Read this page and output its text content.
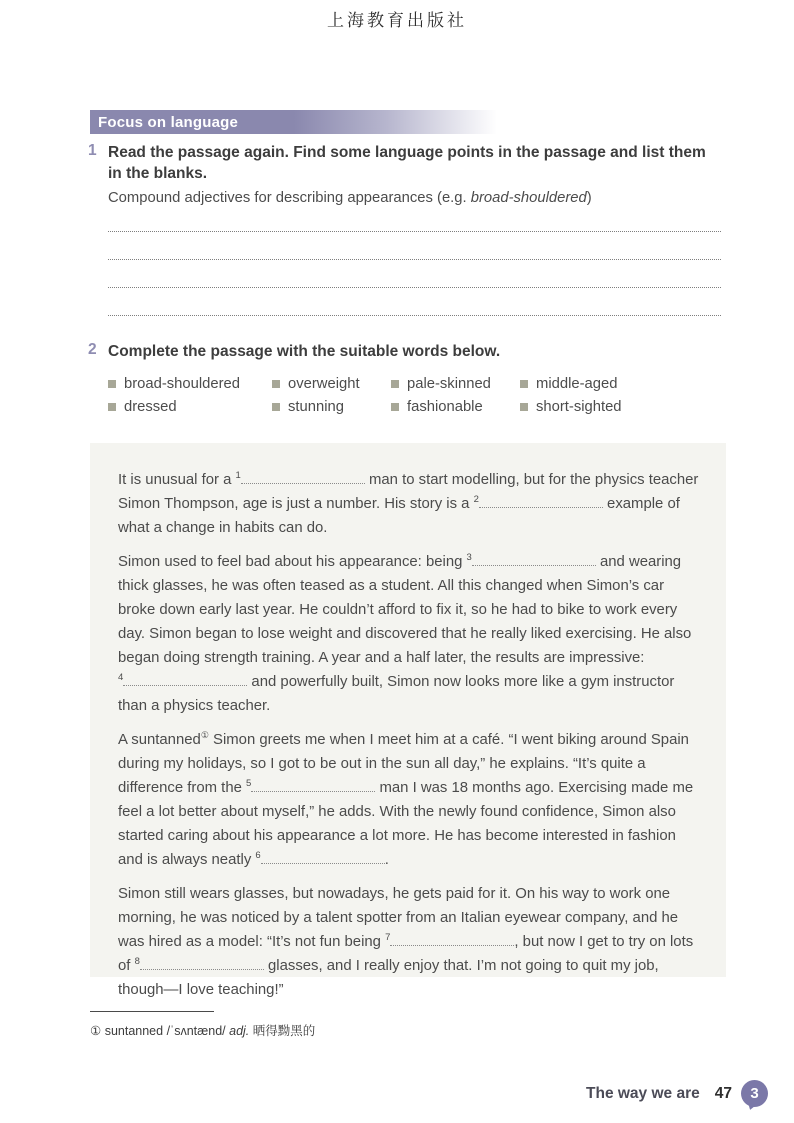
上海教育出版社
Focus on language
1 Read the passage again. Find some language points in the passage and list them in the blanks.
Compound adjectives for describing appearances (e.g. broad-shouldered)
2 Complete the passage with the suitable words below.
broad-shouldered	overweight	pale-skinned	middle-aged
dressed	stunning	fashionable	short-sighted

It is unusual for a $^1$	man to start modelling, but for the physics teacher Simon Thompson, age is just a number. His story is a $^2$	example of what a change in habits can do.

Simon used to feel bad about his appearance: being $^3$	and wearing thick glasses, he was often teased as a student. All this changed when Simon’s car broke down early last year. He couldn’t afford to fix it, so he had to bike to work every day. Simon began to lose weight and discovered that he really liked exercising. He also began doing strength training. A year and a half later, the results are impressive: $^4$	and powerfully built, Simon now looks more like a gym instructor than a physics teacher.

A suntanned① Simon greets me when I meet him at a café. “I went biking around Spain during my holidays, so I got to be out in the sun all day,” he explains. “It’s quite a difference from the $^5$	man I was 18 months ago. Exercising made me feel a lot better about myself,” he adds. With the newly found confidence, Simon also started caring about his appearance a lot more. He has become interested in fashion and is always neatly $^6$	.

Simon still wears glasses, but nowadays, he gets paid for it. On his way to work one morning, he was noticed by a talent spotter from an Italian eyewear company, and he was hired as a model: “It’s not fun being $^7$	, but now I get to try on lots of $^8$	glasses, and I really enjoy that. I’m not going to quit my job, though—I love teaching!”

① suntanned /ˈsʌntænd/ adj. 晒得黝黑的
The way we are 47 3
